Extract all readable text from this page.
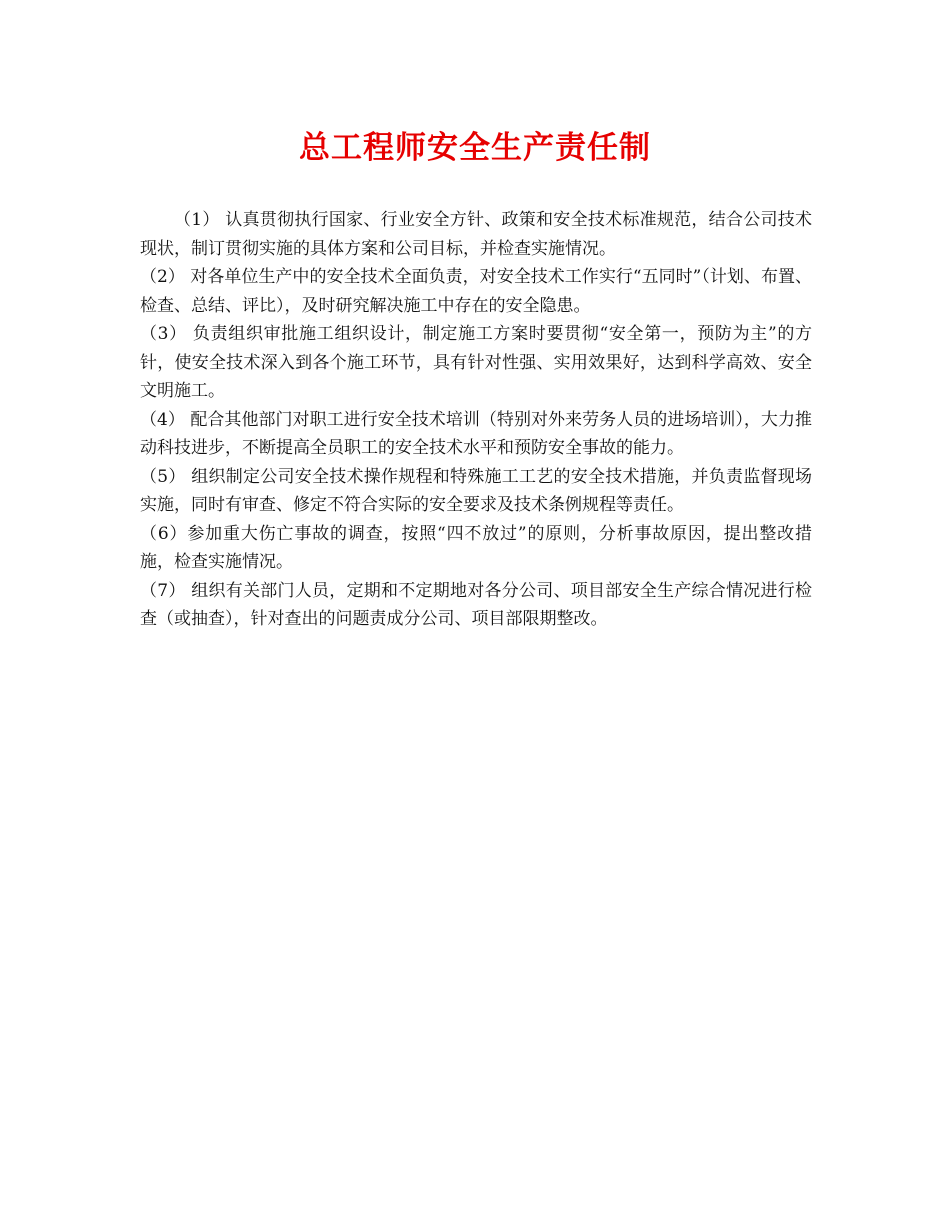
总工程师安全生产责任制

（1） 认真贯彻执行国家、行业安全方针、政策和安全技术标准规范，结合公司技术现状，制订贯彻实施的具体方案和公司目标，并检查实施情况。

（2） 对各单位生产中的安全技术全面负责，对安全技术工作实行“五同时”（计划、布置、检查、总结、评比），及时研究解决施工中存在的安全隐患。

（3） 负责组织审批施工组织设计，制定施工方案时要贯彻“安全第一，预防为主”的方针，使安全技术深入到各个施工环节，具有针对性强、实用效果好，达到科学高效、安全文明施工。

（4） 配合其他部门对职工进行安全技术培训（特别对外来劳务人员的进场培训），大力推动科技进步，不断提高全员职工的安全技术水平和预防安全事故的能力。

（5） 组织制定公司安全技术操作规程和特殊施工工艺的安全技术措施，并负责监督现场实施，同时有审查、修定不符合实际的安全要求及技术条例规程等责任。

（6）参加重大伤亡事故的调查，按照“四不放过”的原则，分析事故原因，提出整改措施，检查实施情况。

（7） 组织有关部门人员，定期和不定期地对各分公司、项目部安全生产综合情况进行检查（或抽查），针对查出的问题责成分公司、项目部限期整改。
